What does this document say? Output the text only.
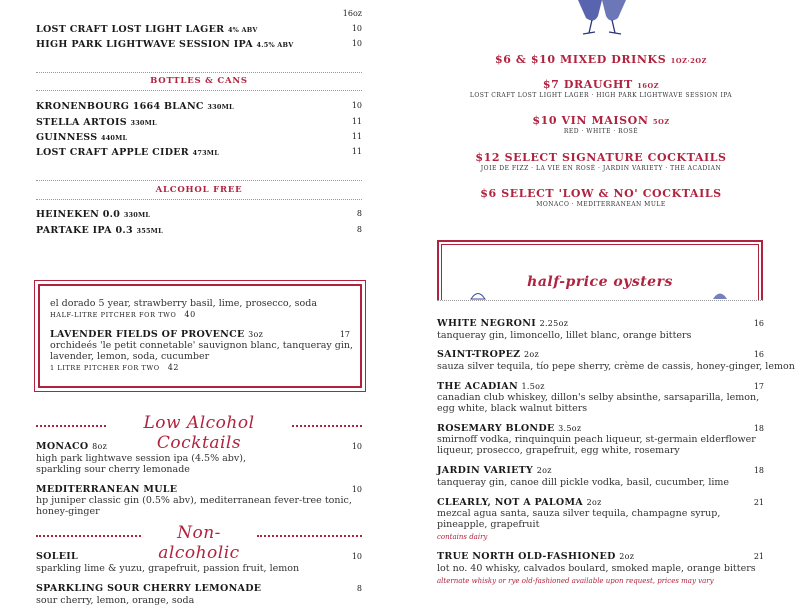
16oz
LOST CRAFT LOST LIGHT LAGER 4% ABV	10
HIGH PARK LIGHTWAVE SESSION IPA 4.5% ABV	10
BOTTLES & CANS
KRONENBOURG 1664 BLANC 330ML	10
STELLA ARTOIS 330ML	11
GUINNESS 440ML	11
LOST CRAFT APPLE CIDER 473ML	11
ALCOHOL FREE
HEINEKEN 0.0 330ML	8
PARTAKE IPA 0.3 355ML	8
el dorado 5 year, strawberry basil, lime, prosecco, soda
HALF-LITRE PITCHER FOR TWO 40
LAVENDER FIELDS OF PROVENCE 3oz	17
orchideés 'le petit connetable' sauvignon blanc, tanqueray gin,
lavender, lemon, soda, cucumber
1 LITRE PITCHER FOR TWO 42
Low Alcohol Cocktails
MONACO 8oz	10
high park lightwave session ipa (4.5% abv),
sparkling sour cherry lemonade
MEDITERRANEAN MULE	10
hp juniper classic gin (0.5% abv), mediterranean fever-tree tonic,
honey-ginger
Non-alcoholic
SOLEIL	10
sparkling lime & yuzu, grapefruit, passion fruit, lemon
SPARKLING SOUR CHERRY LEMONADE	8
sour cherry, lemon, orange, soda
$6 & $10 MIXED DRINKS 1OZ·2OZ
$7 DRAUGHT 16OZ
LOST CRAFT LOST LIGHT LAGER · HIGH PARK LIGHTWAVE SESSION IPA
$10 VIN MAISON 5OZ
RED · WHITE · ROSÉ
$12 SELECT SIGNATURE COCKTAILS
JOIE DE FIZZ · LA VIE EN ROSÉ · JARDIN VARIETY · THE ACADIAN
$6 SELECT 'LOW & NO' COCKTAILS
MONACO · MEDITERRANEAN MULE
half-price oysters
WHITE NEGRONI 2.25oz	16
tanqueray gin, limoncello, lillet blanc, orange bitters
SAINT-TROPEZ 2oz	16
sauza silver tequila, tío pepe sherry, crème de cassis, honey-ginger, lemon
THE ACADIAN 1.5oz	17
canadian club whiskey, dillon's selby absinthe, sarsaparilla, lemon,
egg white, black walnut bitters
ROSEMARY BLONDE 3.5oz	18
smirnoff vodka, rinquinquin peach liqueur, st-germain elderflower
liqueur, prosecco, grapefruit, egg white, rosemary
JARDIN VARIETY 2oz	18
tanqueray gin, canoe dill pickle vodka, basil, cucumber, lime
CLEARLY, NOT A PALOMA 2oz	21
mezcal agua santa, sauza silver tequila, champagne syrup,
pineapple, grapefruit
contains dairy
TRUE NORTH OLD-FASHIONED 2oz	21
lot no. 40 whisky, calvados boulard, smoked maple, orange bitters
alternate whisky or rye old-fashioned available upon request, prices may vary
